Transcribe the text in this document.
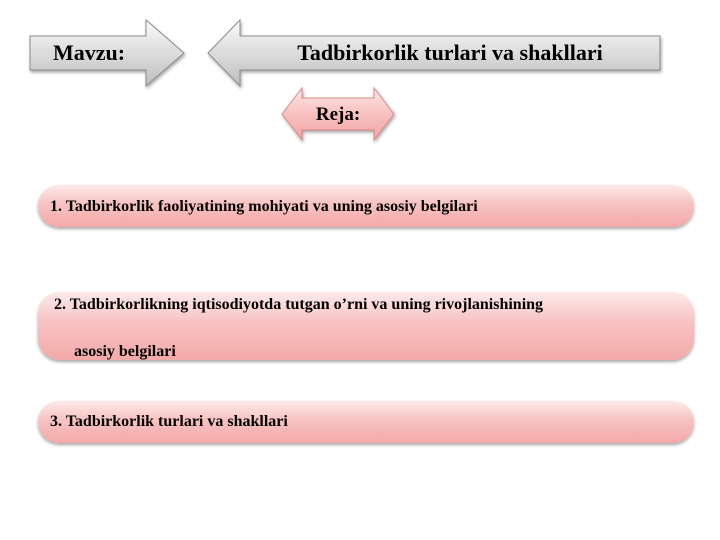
Mavzu:	Tadbirkorlik turlari va shakllari
Reja:
1. Tadbirkorlik faoliyatining mohiyati va uning asosiy belgilari
2. Tadbirkorlikning iqtisodiyotda tutgan o’rni va uning rivojlanishining
asosiy belgilari
3. Tadbirkorlik turlari va shakllari
